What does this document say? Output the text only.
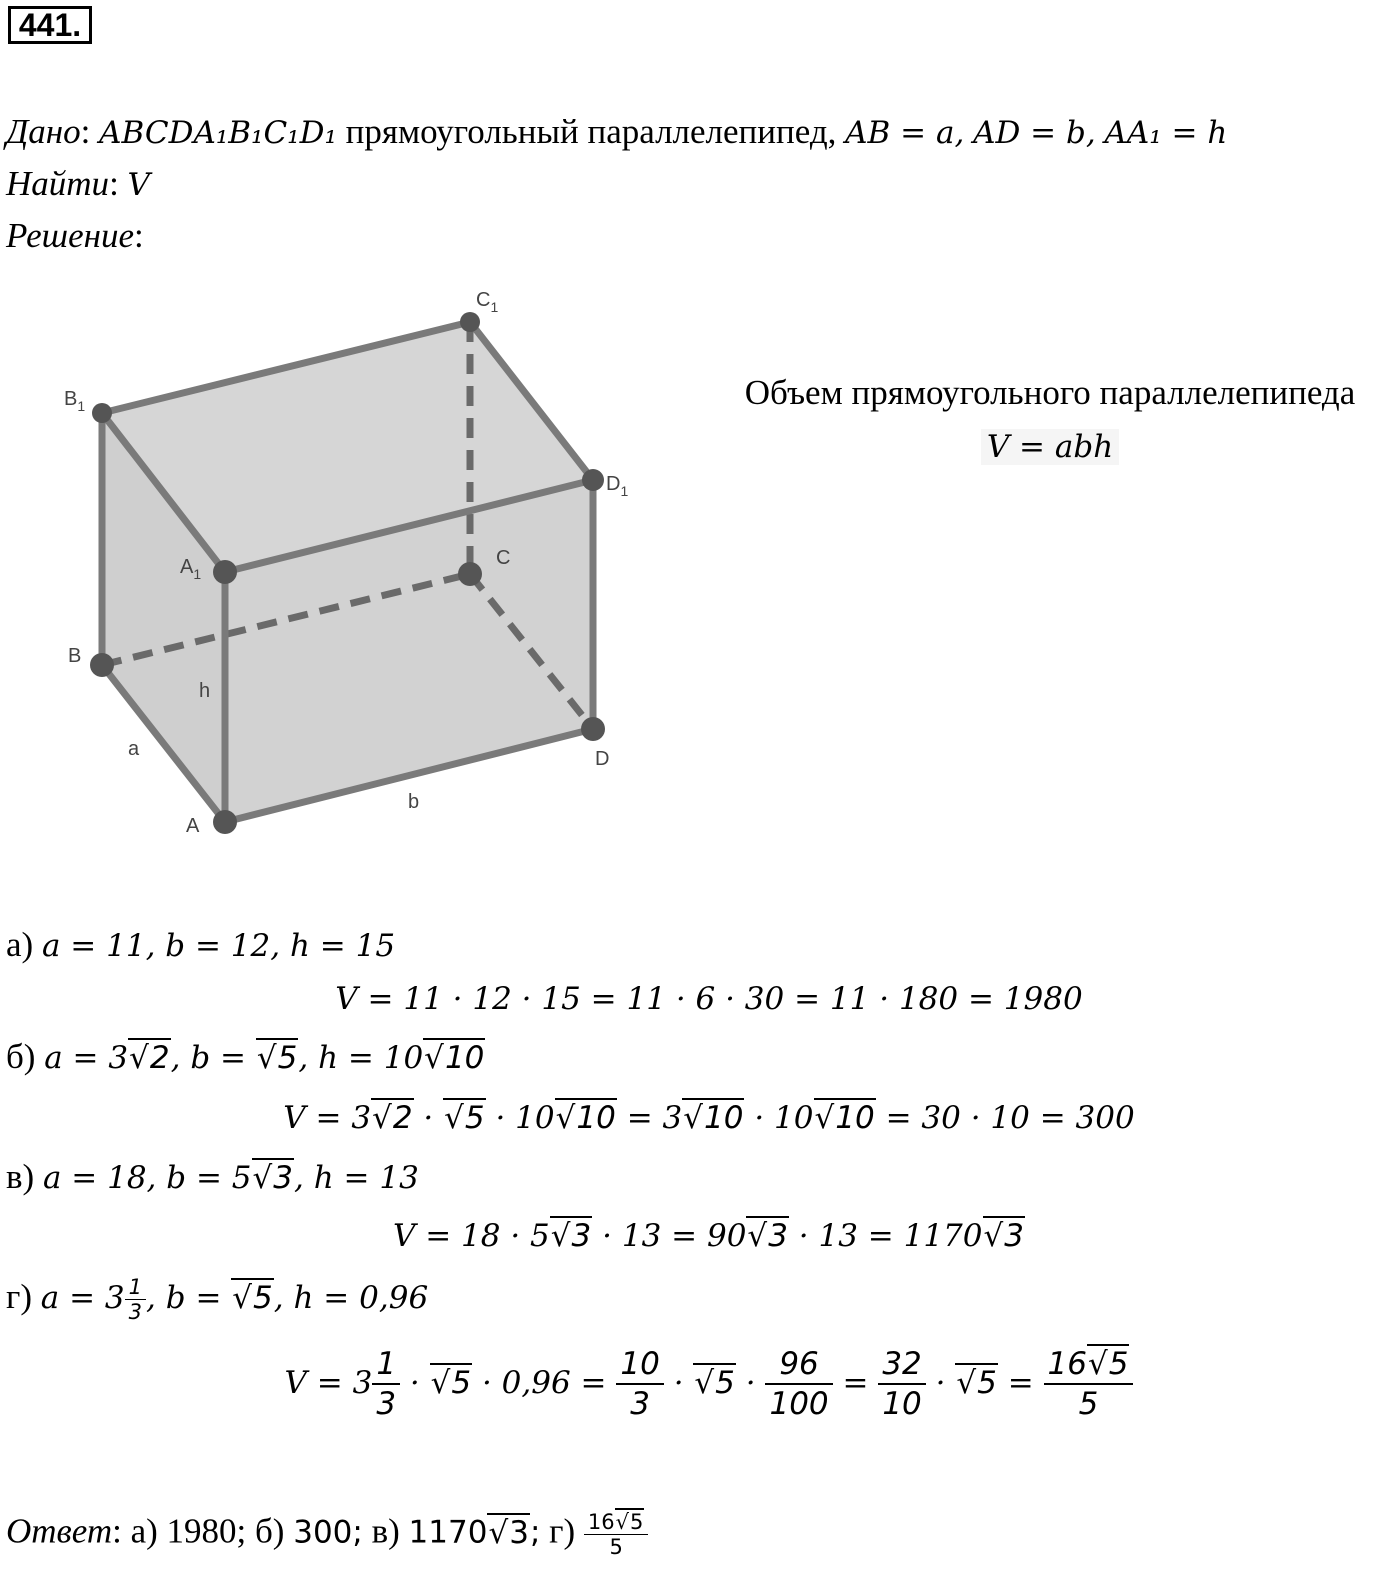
441.
Дано: ABCDA₁B₁C₁D₁ прямоугольный параллелепипед, AB = a, AD = b, AA₁ = h
Найти: V
Решение:
A
B
C
D
$A_1$
$B_1$
$C_1$
$D_1$
a
b
h
Объем прямоугольного параллелепипеда
V = abh
а) a = 11, b = 12, h = 15
V = 11 · 12 · 15 = 11 · 6 · 30 = 11 · 180 = 1980
б) a = 3 √ 2, b = √ 5, h = 10 √ 10
V = 3 √ 2 · √ 5 · 10 √ 10 = 3 √ 10 · 10 √ 10 = 30 · 10 = 300
в) a = 18, b = 5 √ 3, h = 13
V = 18 · 5 √ 3 · 13 = 90 √ 3 · 13 = 1170 √ 3
г) $a = 3 \frac{1}{3}$ , b = √ 5, h = 0,96
$V = 3 \frac{1}{3}$ · √ $5 \cdot 0,96 = \frac{10}{3}$ · √ $5 \cdot \frac{96}{100} = \frac{32}{10}$ · √ $5 = \frac{16 √ 5}{5}$
Ответ: а) 1980; б) 300; в) 1170 √ 3; $г) \frac{16 √ 5}{5}$
